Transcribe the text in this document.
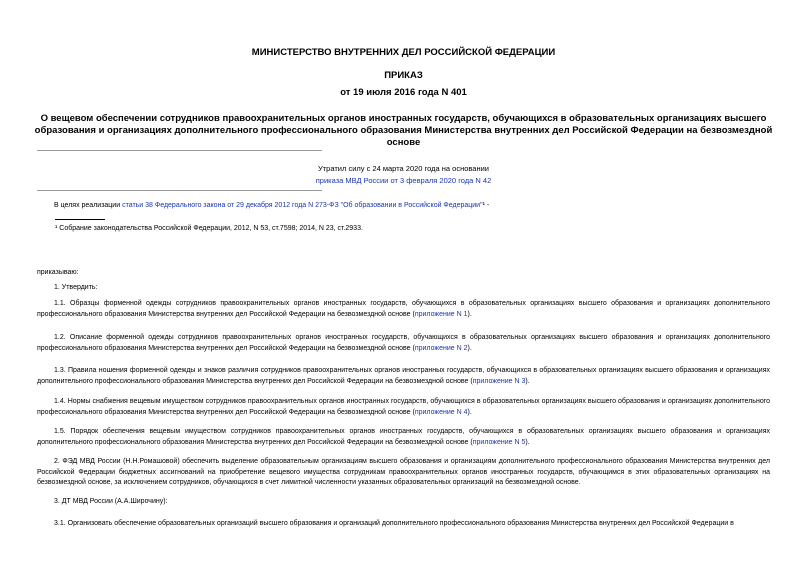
МИНИСТЕРСТВО ВНУТРЕННИХ ДЕЛ РОССИЙСКОЙ ФЕДЕРАЦИИ
ПРИКАЗ
от 19 июля 2016 года N 401
О вещевом обеспечении сотрудников правоохранительных органов иностранных государств, обучающихся в образовательных организациях высшего образования и организациях дополнительного профессионального образования Министерства внутренних дел Российской Федерации на безвозмездной основе
Утратил силу с 24 марта 2020 года на основании
приказа МВД России от 3 февраля 2020 года N 42
В целях реализации статьи 38 Федерального закона от 29 декабря 2012 года N 273-ФЗ "Об образовании в Российской Федерации"¹ -
¹ Собрание законодательства Российской Федерации, 2012, N 53, ст.7598; 2014, N 23, ст.2933.
приказываю:
1. Утвердить:
1.1. Образцы форменной одежды сотрудников правоохранительных органов иностранных государств, обучающихся в образовательных организациях высшего образования и организациях дополнительного профессионального образования Министерства внутренних дел Российской Федерации на безвозмездной основе (приложение N 1).
1.2. Описание форменной одежды сотрудников правоохранительных органов иностранных государств, обучающихся в образовательных организациях высшего образования и организациях дополнительного профессионального образования Министерства внутренних дел Российской Федерации на безвозмездной основе (приложение N 2).
1.3. Правила ношения форменной одежды и знаков различия сотрудников правоохранительных органов иностранных государств, обучающихся в образовательных организациях высшего образования и организациях дополнительного профессионального образования Министерства внутренних дел Российской Федерации на безвозмездной основе (приложение N 3).
1.4. Нормы снабжения вещевым имуществом сотрудников правоохранительных органов иностранных государств, обучающихся в образовательных организациях высшего образования и организациях дополнительного профессионального образования Министерства внутренних дел Российской Федерации на безвозмездной основе (приложение N 4).
1.5. Порядок обеспечения вещевым имуществом сотрудников правоохранительных органов иностранных государств, обучающихся в образовательных организациях высшего образования и организациях дополнительного профессионального образования Министерства внутренних дел Российской Федерации на безвозмездной основе (приложение N 5).
2. ФЭД МВД России (Н.Н.Ромашовой) обеспечить выделение образовательным организациям высшего образования и организациям дополнительного профессионального образования Министерства внутренних дел Российской Федерации бюджетных ассигнований на приобретение вещевого имущества сотрудникам правоохранительных органов иностранных государств, обучающимся в этих образовательных организациях на безвозмездной основе, за исключением сотрудников, обучающихся в счет лимитной численности указанных образовательных организаций на безвозмездной основе.
3. ДТ МВД России (А.А.Широчину):
3.1. Организовать обеспечение образовательных организаций высшего образования и организаций дополнительного профессионального образования Министерства внутренних дел Российской Федерации в
